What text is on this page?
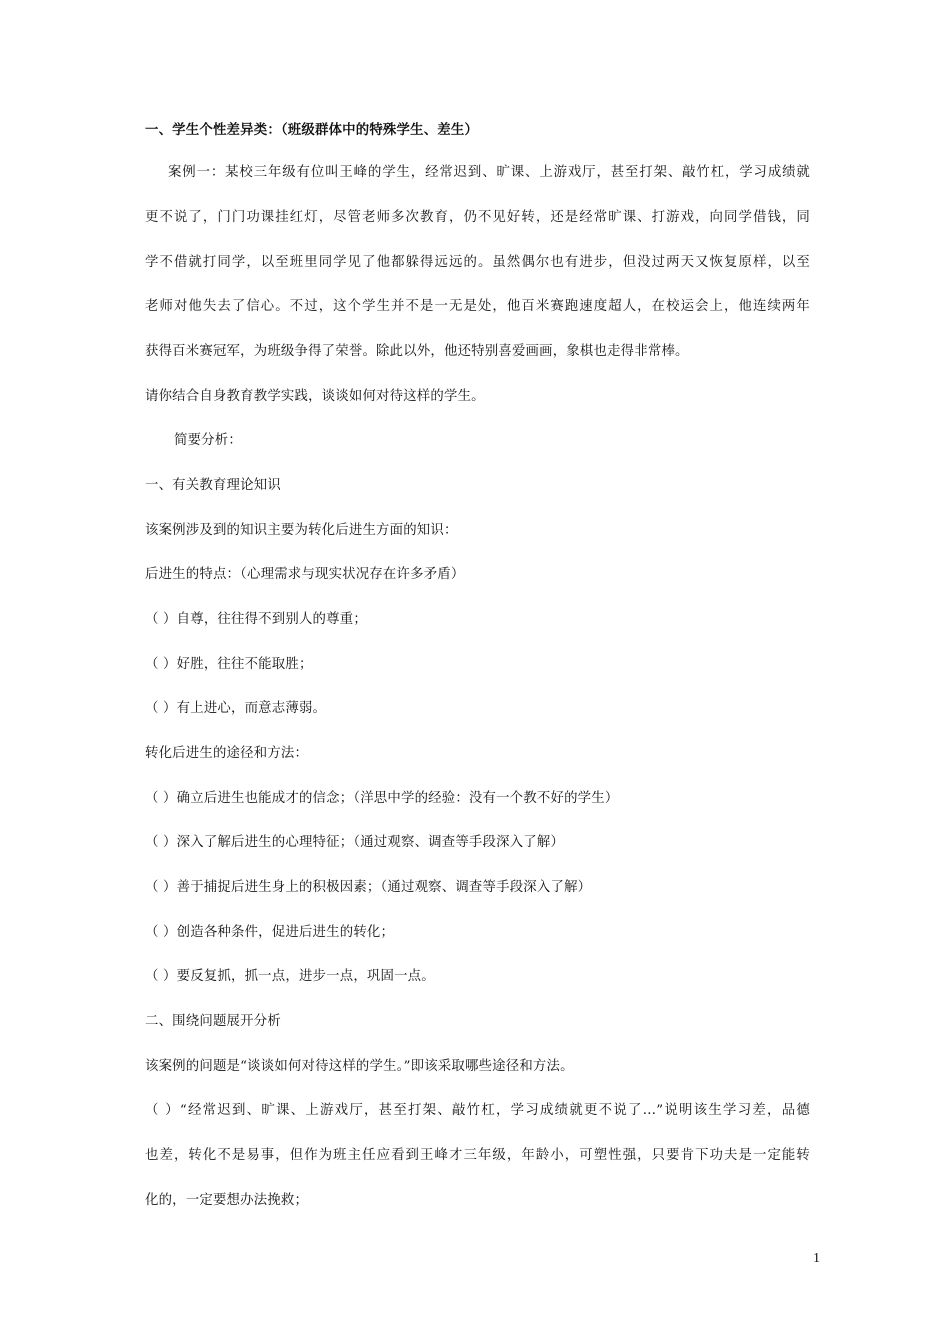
一、学生个性差异类：（班级群体中的特殊学生、差生）

案例一：某校三年级有位叫王峰的学生，经常迟到、旷课、上游戏厅，甚至打架、敲竹杠，学习成绩就

更不说了，门门功课挂红灯，尽管老师多次教育，仍不见好转，还是经常旷课、打游戏，向同学借钱，同

学不借就打同学，以至班里同学见了他都躲得远远的。虽然偶尔也有进步，但没过两天又恢复原样，以至

老师对他失去了信心。不过，这个学生并不是一无是处，他百米赛跑速度超人，在校运会上，他连续两年

获得百米赛冠军，为班级争得了荣誉。除此以外，他还特别喜爱画画，象棋也走得非常棒。

请你结合自身教育教学实践，谈谈如何对待这样的学生。

简要分析：

一、有关教育理论知识

该案例涉及到的知识主要为转化后进生方面的知识：

后进生的特点：（心理需求与现实状况存在许多矛盾）

（ ）自尊，往往得不到别人的尊重；

（ ）好胜，往往不能取胜；

（ ）有上进心，而意志薄弱。

转化后进生的途径和方法：

（ ）确立后进生也能成才的信念；（洋思中学的经验：没有一个教不好的学生）

（ ）深入了解后进生的心理特征；（通过观察、调查等手段深入了解）

（ ）善于捕捉后进生身上的积极因素；（通过观察、调查等手段深入了解）

（ ）创造各种条件，促进后进生的转化；

（ ）要反复抓，抓一点，进步一点，巩固一点。

二、围绕问题展开分析

该案例的问题是“谈谈如何对待这样的学生。”即该采取哪些途径和方法。

（ ）“经常迟到、旷课、上游戏厅，甚至打架、敲竹杠，学习成绩就更不说了…”说明该生学习差，品德

也差，转化不是易事，但作为班主任应看到王峰才三年级，年龄小，可塑性强，只要肯下功夫是一定能转

化的，一定要想办法挽救；

1
